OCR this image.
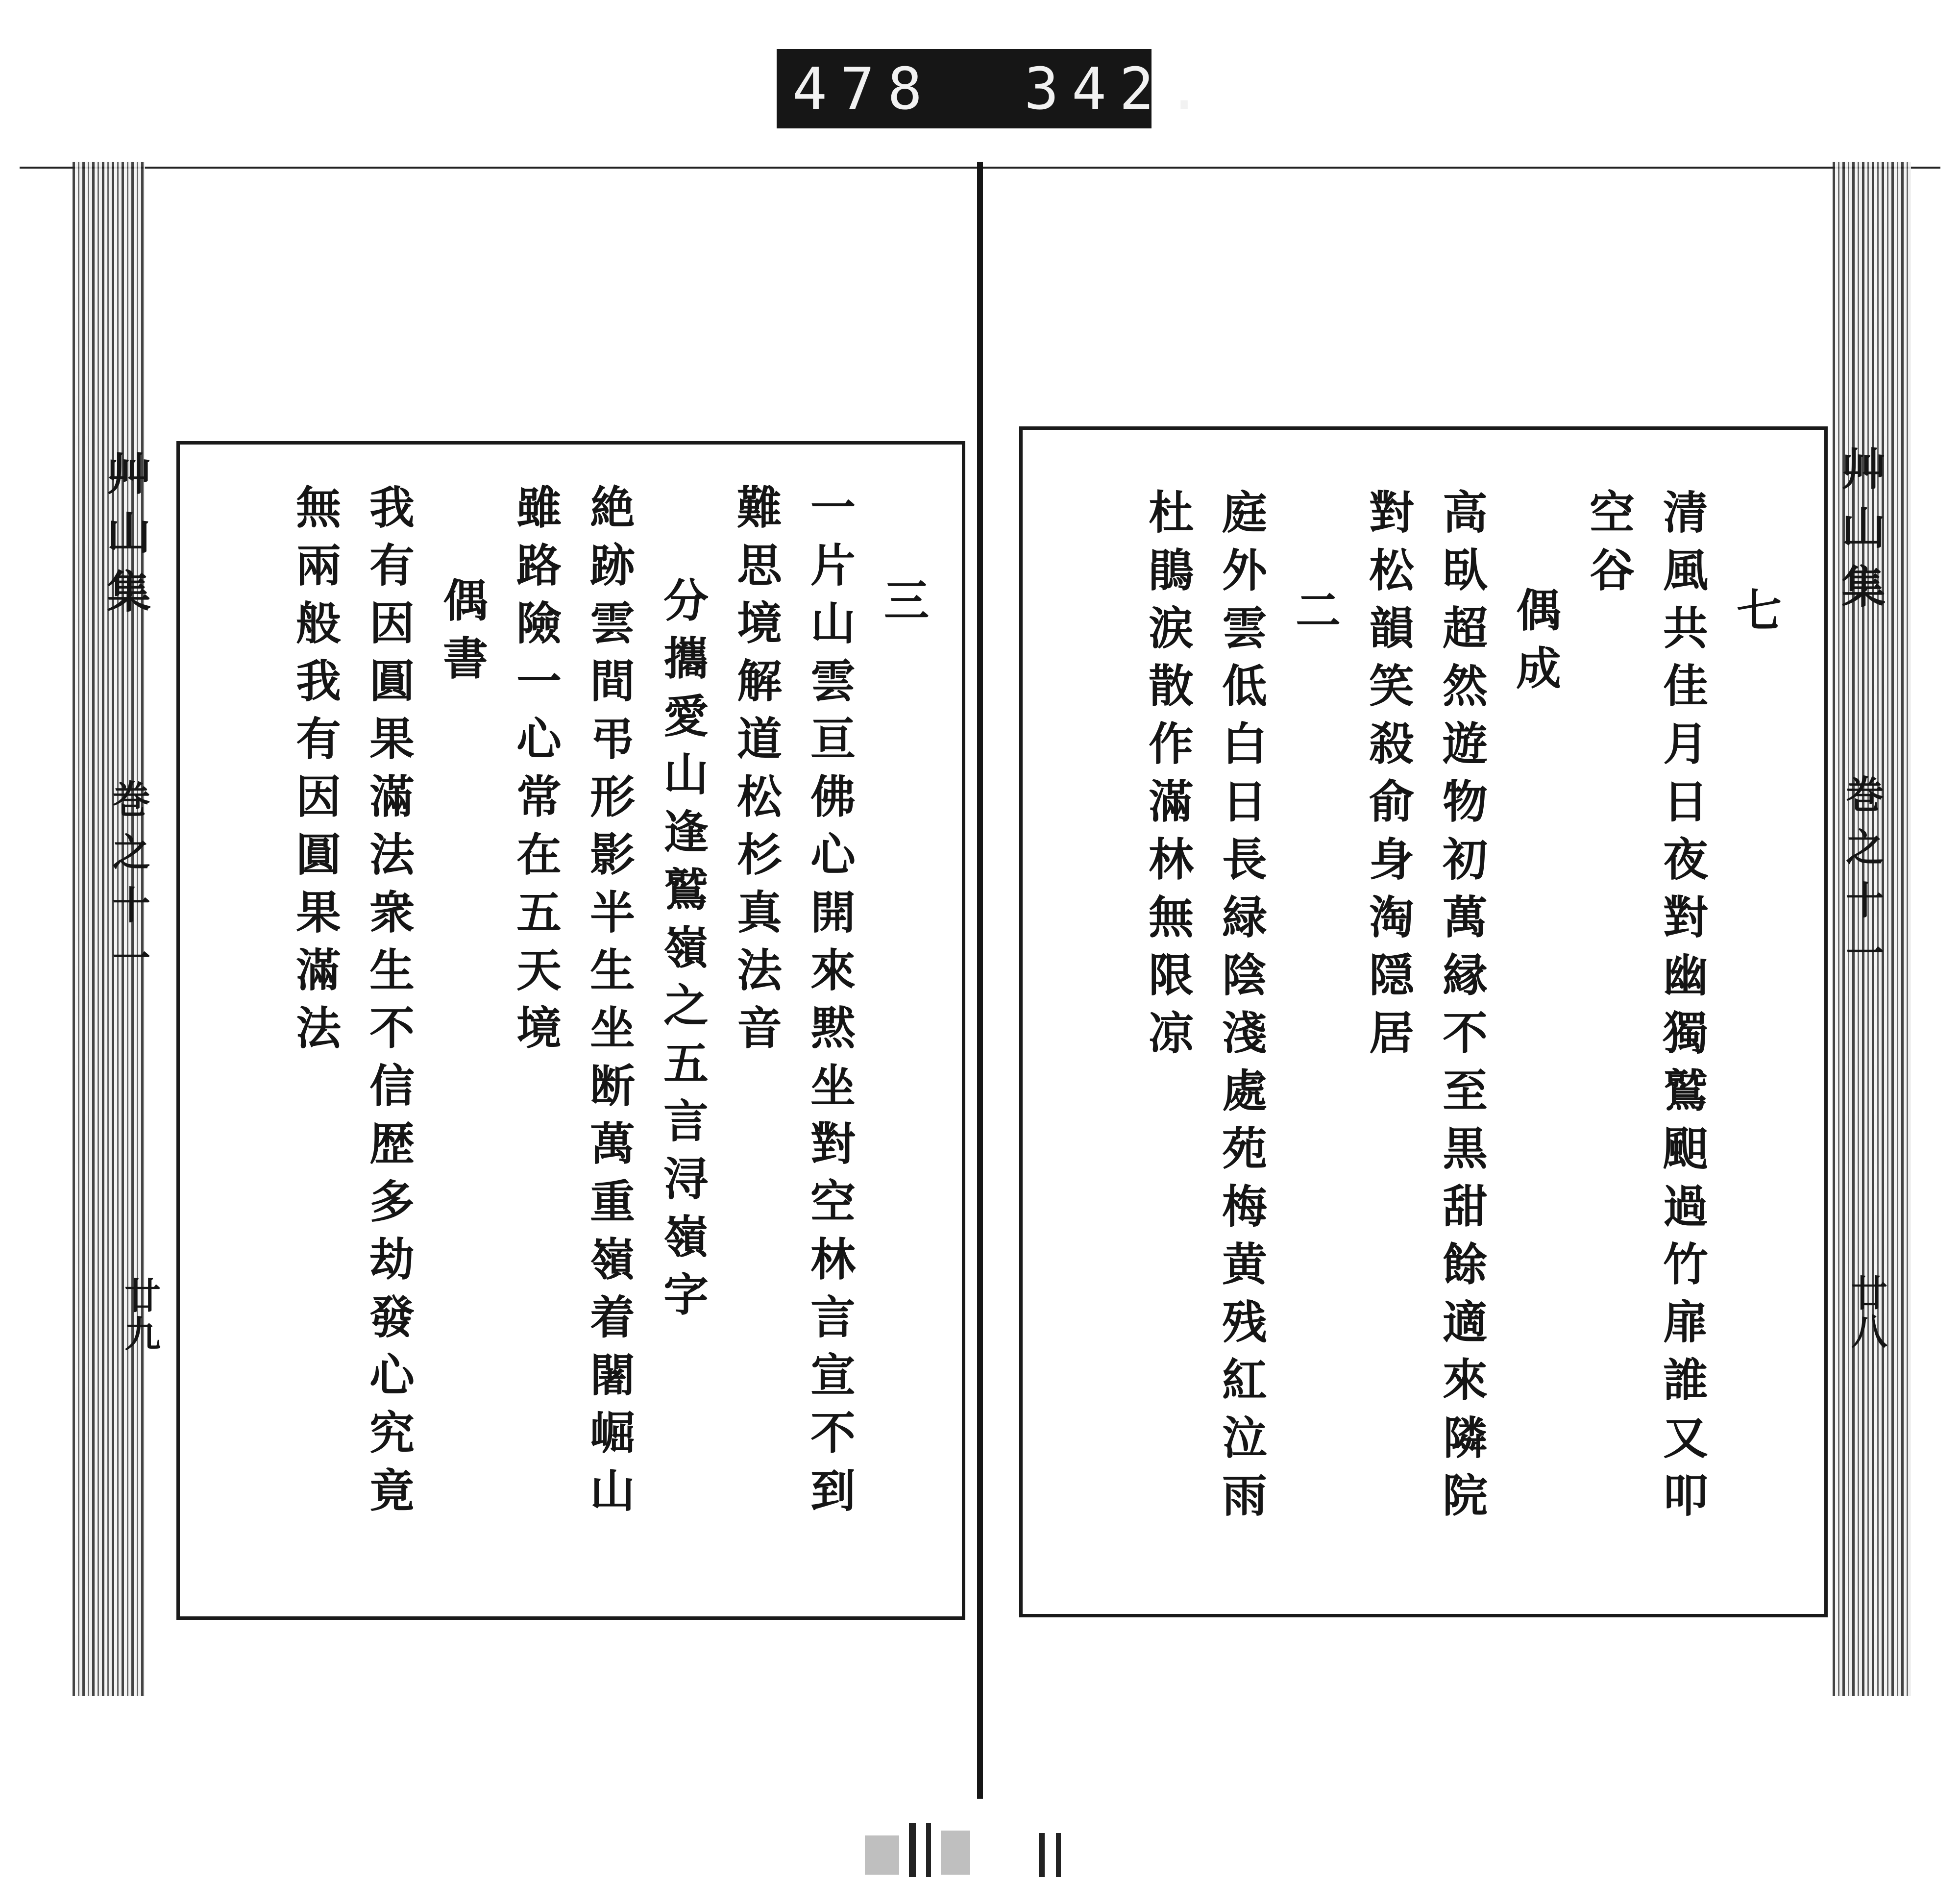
478 342.
艸山集
巻之十一
廿九
三
一片山雲亘佛心開來黙坐對空林言宣不到
難思境解道松杉真法音
分攜愛山逢鷲嶺之五言浔嶺字
絶跡雲間弔形影半生坐断萬重嶺着闍崛山
雖路險一心常在五天境
偶書
我有因圓果滿法衆生不信歴多劫發心究竟
無兩般我有因圓果滿法	七
清風共佳月日夜對幽獨鷲䫻過竹扉誰又叩
空谷
偶成
高臥超然遊物初萬縁不至黒甜餘適來隣院
對松韻笑殺俞身淘隠居
二
庭外雲低白日長緑陰淺處苑梅黄残紅泣雨
杜鵑涙散作滿林無限凉	艸山集
巻之十一
廿八
